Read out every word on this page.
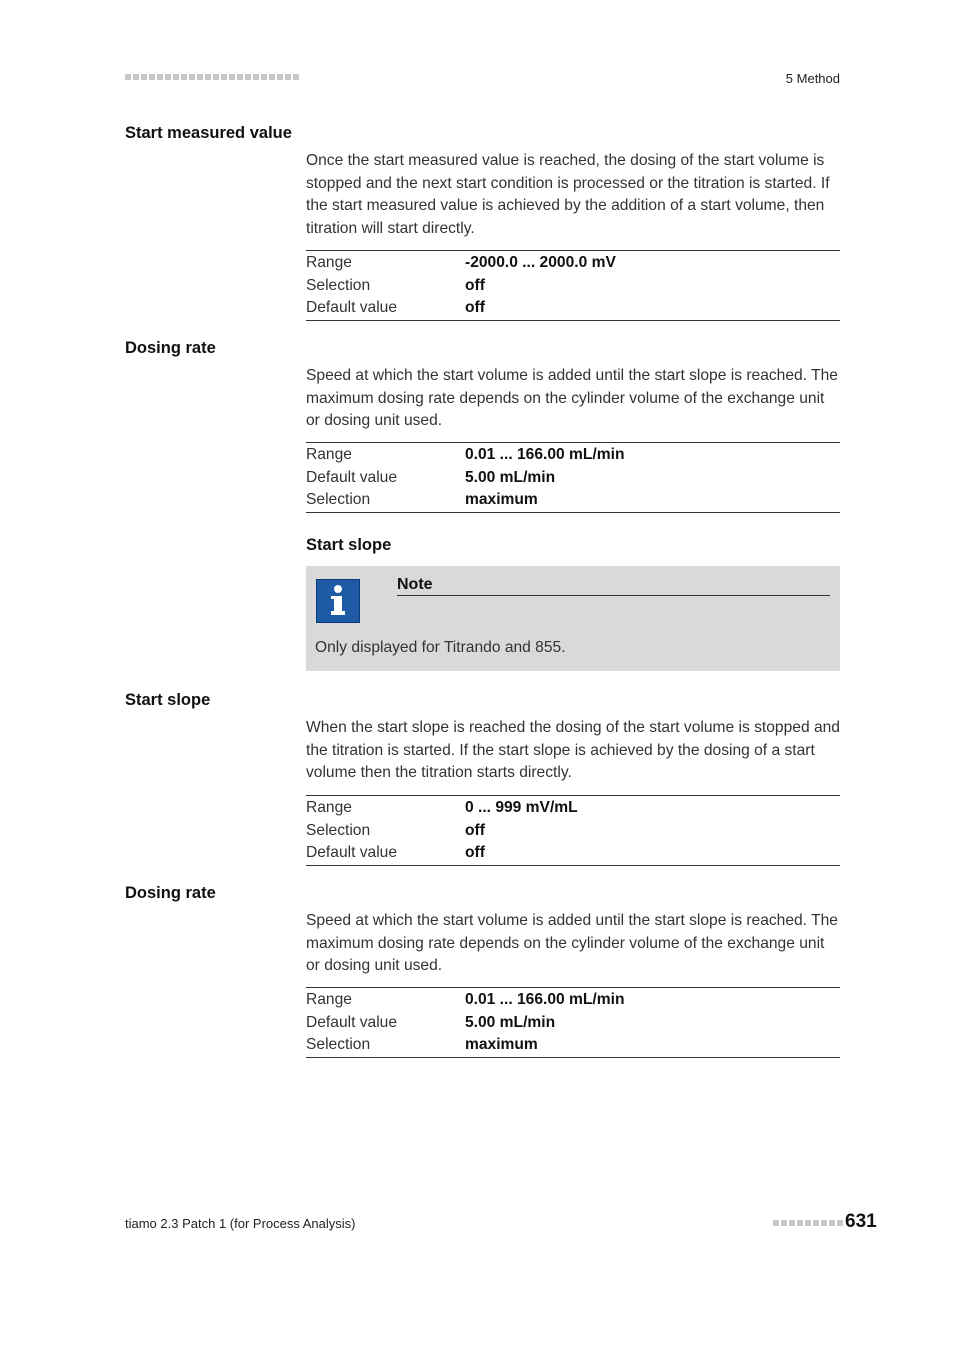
5 Method
Start measured value
Once the start measured value is reached, the dosing of the start volume is stopped and the next start condition is processed or the titration is started. If the start measured value is achieved by the addition of a start volume, then titration will start directly.
Range	-2000.0 ... 2000.0 mV
Selection	off
Default value	off
Dosing rate
Speed at which the start volume is added until the start slope is reached. The maximum dosing rate depends on the cylinder volume of the exchange unit or dosing unit used.
Range	0.01 ... 166.00 mL/min
Default value	5.00 mL/min
Selection	maximum
Start slope
Note
Only displayed for Titrando and 855.
Start slope
When the start slope is reached the dosing of the start volume is stopped and the titration is started. If the start slope is achieved by the dosing of a start volume then the titration starts directly.
Range	0 ... 999 mV/mL
Selection	off
Default value	off
Dosing rate
Speed at which the start volume is added until the start slope is reached. The maximum dosing rate depends on the cylinder volume of the exchange unit or dosing unit used.
Range	0.01 ... 166.00 mL/min
Default value	5.00 mL/min
Selection	maximum
tiamo 2.3 Patch 1 (for Process Analysis)	631
